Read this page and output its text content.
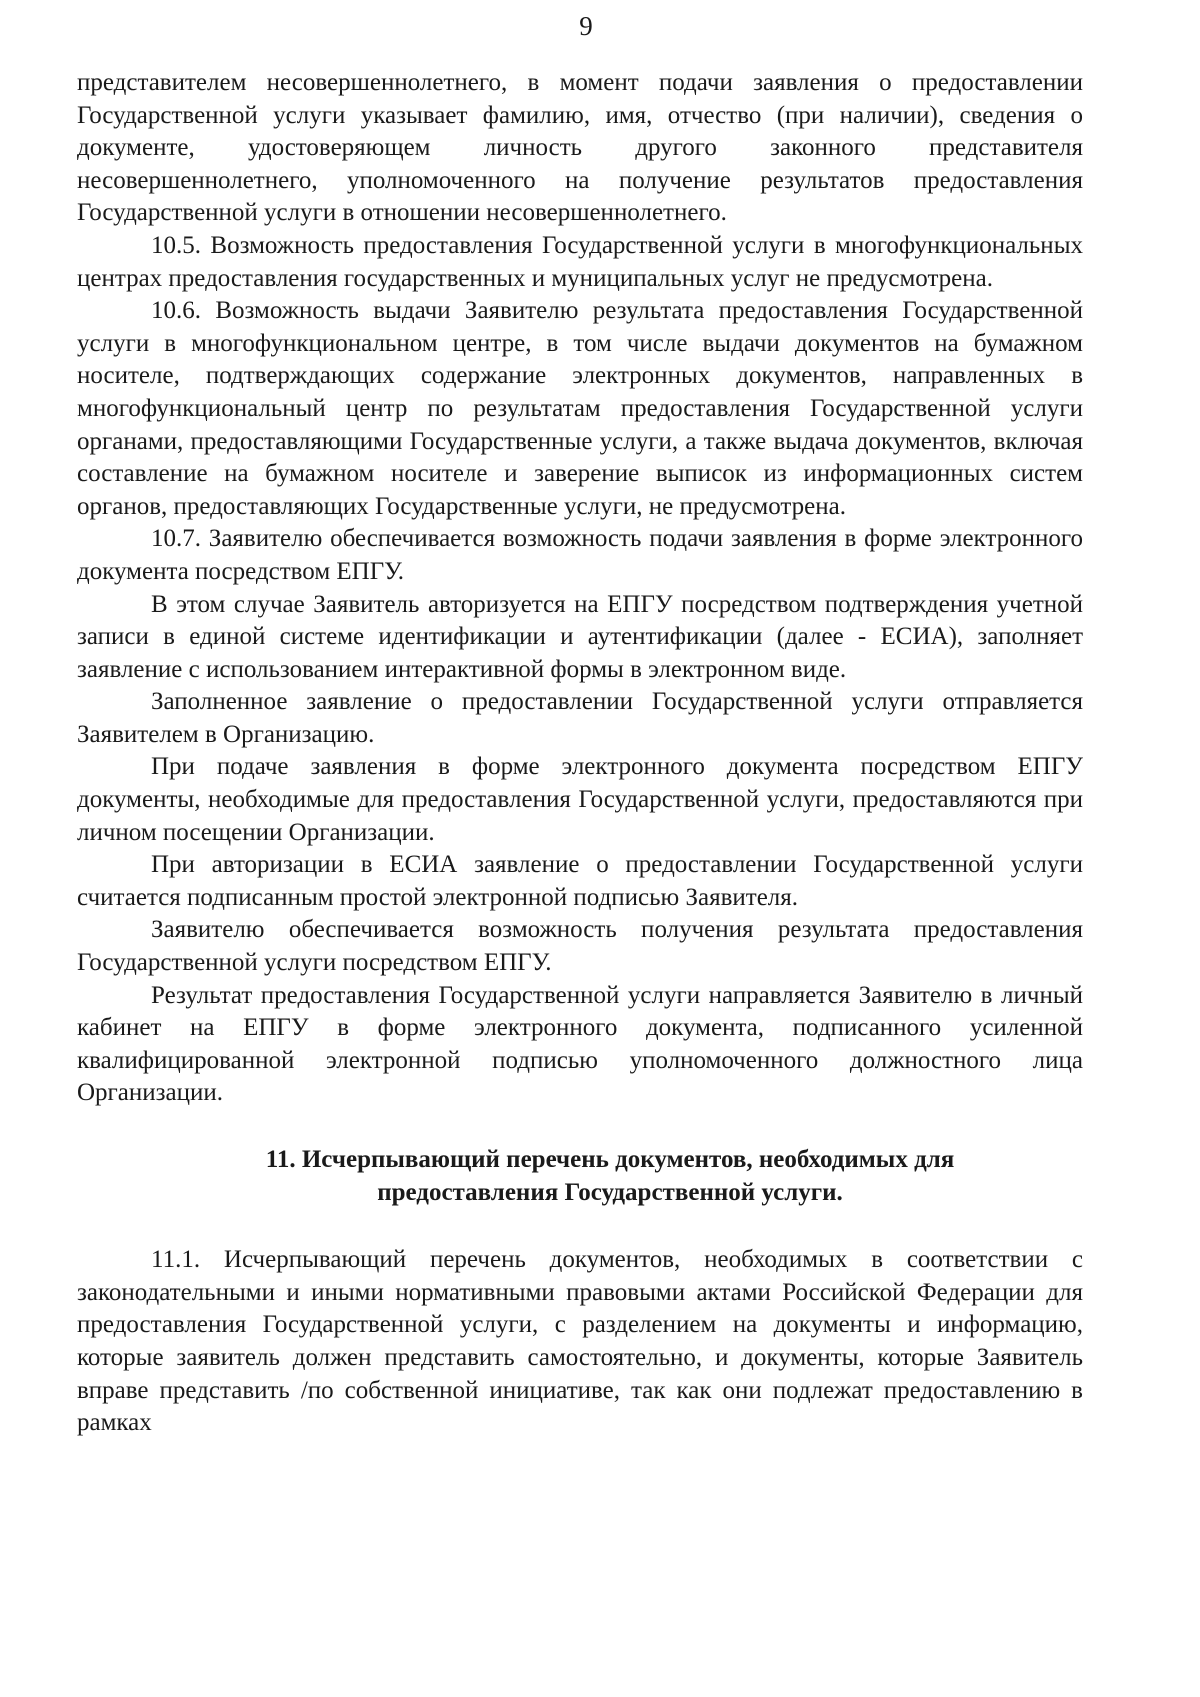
9

представителем несовершеннолетнего, в момент подачи заявления о предоставлении Государственной услуги указывает фамилию, имя, отчество (при наличии), сведения о документе, удостоверяющем личность другого законного представителя несовершеннолетнего, уполномоченного на получение результатов предоставления Государственной услуги в отношении несовершеннолетнего.

10.5. Возможность предоставления Государственной услуги в многофункциональных центрах предоставления государственных и муниципальных услуг не предусмотрена.

10.6. Возможность выдачи Заявителю результата предоставления Государственной услуги в многофункциональном центре, в том числе выдачи документов на бумажном носителе, подтверждающих содержание электронных документов, направленных в многофункциональный центр по результатам предоставления Государственной услуги органами, предоставляющими Государственные услуги, а также выдача документов, включая составление на бумажном носителе и заверение выписок из информационных систем органов, предоставляющих Государственные услуги, не предусмотрена.

10.7. Заявителю обеспечивается возможность подачи заявления в форме электронного документа посредством ЕПГУ.

В этом случае Заявитель авторизуется на ЕПГУ посредством подтверждения учетной записи в единой системе идентификации и аутентификации (далее - ЕСИА), заполняет заявление с использованием интерактивной формы в электронном виде.

Заполненное заявление о предоставлении Государственной услуги отправляется Заявителем в Организацию.

При подаче заявления в форме электронного документа посредством ЕПГУ документы, необходимые для предоставления Государственной услуги, предоставляются при личном посещении Организации.

При авторизации в ЕСИА заявление о предоставлении Государственной услуги считается подписанным простой электронной подписью Заявителя.

Заявителю обеспечивается возможность получения результата предоставления Государственной услуги посредством ЕПГУ.

Результат предоставления Государственной услуги направляется Заявителю в личный кабинет на ЕПГУ в форме электронного документа, подписанного усиленной квалифицированной электронной подписью уполномоченного должностного лица Организации.

11. Исчерпывающий перечень документов, необходимых для
предоставления Государственной услуги.

11.1. Исчерпывающий перечень документов, необходимых в соответствии с законодательными и иными нормативными правовыми актами Российской Федерации для предоставления Государственной услуги, с разделением на документы и информацию, которые заявитель должен представить самостоятельно, и документы, которые Заявитель вправе представить /по собственной инициативе, так как они подлежат предоставлению в рамках
